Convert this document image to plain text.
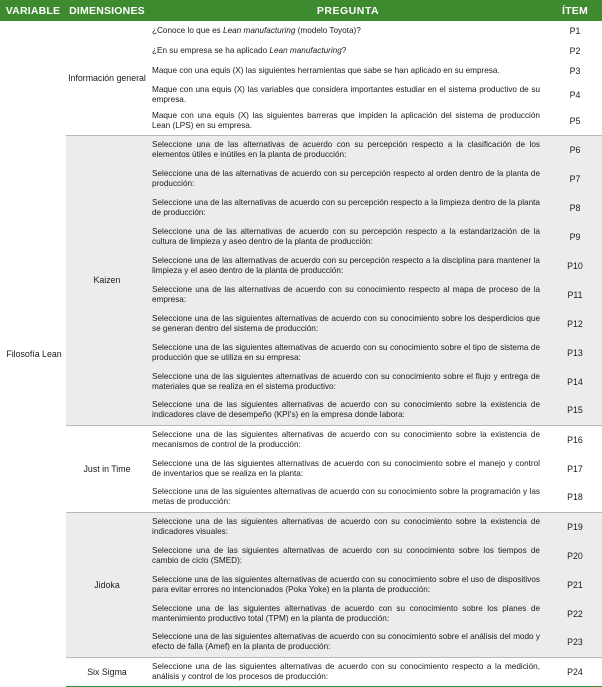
VARIABLE	DIMENSIONES	PREGUNTA	ÍTEM
Filosofía Lean	Información general	¿Conoce lo que es Lean manufacturing (modelo Toyota)?	P1
		¿En su empresa se ha aplicado Lean manufacturing?	P2
		Maque con una equis (X) las siguientes herramientas que sabe se han aplicado en su empresa.	P3
		Maque con una equis (X) las variables que considera importantes estudiar en el sistema productivo de su empresa.	P4
		Maque con una equis (X) las siguientes barreras que impiden la aplicación del sistema de producción Lean (LPS) en su empresa.	P5
	Kaizen	Seleccione una de las alternativas de acuerdo con su percepción respecto a la clasificación de los elementos útiles e inútiles en la planta de producción:	P6
		Seleccione una de las alternativas de acuerdo con su percepción respecto al orden dentro de la planta de producción:	P7
		Seleccione una de las alternativas de acuerdo con su percepción respecto a la limpieza dentro de la planta de producción:	P8
		Seleccione una de las alternativas de acuerdo con su percepción respecto a la estandarización de la cultura de limpieza y aseo dentro de la planta de producción:	P9
		Seleccione una de las alternativas de acuerdo con su percepción respecto a la disciplina para mantener la limpieza y el aseo dentro de la planta de producción:	P10
		Seleccione una de las alternativas de acuerdo con su conocimiento respecto al mapa de proceso de la empresa:	P11
		Seleccione una de las siguientes alternativas de acuerdo con su conocimiento sobre los desperdicios que se generan dentro del sistema de producción:	P12
		Seleccione una de las siguientes alternativas de acuerdo con su conocimiento sobre el tipo de sistema de producción que se utiliza en su empresa:	P13
		Seleccione una de las siguientes alternativas de acuerdo con su conocimiento sobre el flujo y entrega de materiales que se realiza en el sistema productivo:	P14
		Seleccione una de las siguientes alternativas de acuerdo con su conocimiento sobre la existencia de indicadores clave de desempeño (KPI's) en la empresa donde labora:	P15
	Just in Time	Seleccione una de las siguientes alternativas de acuerdo con su conocimiento sobre la existencia de mecanismos de control de la producción:	P16
		Seleccione una de las siguientes alternativas de acuerdo con su conocimiento sobre el manejo y control de inventarios que se realiza en la planta:	P17
		Seleccione una de las siguientes alternativas de acuerdo con su conocimiento sobre la programación y las metas de producción:	P18
	Jidoka	Seleccione una de las siguientes alternativas de acuerdo con su conocimiento sobre la existencia de indicadores visuales:	P19
		Seleccione una de las siguientes alternativas de acuerdo con su conocimiento sobre los tiempos de cambio de ciclo (SMED):	P20
		Seleccione una de las siguientes alternativas de acuerdo con su conocimiento sobre el uso de dispositivos para evitar errores no intencionados (Poka Yoke) en la planta de producción:	P21
		Seleccione una de las siguientes alternativas de acuerdo con su conocimiento sobre los planes de mantenimiento productivo total (TPM) en la planta de producción:	P22
		Seleccione una de las siguientes alternativas de acuerdo con su conocimiento sobre el análisis del modo y efecto de falla (Amef) en la planta de producción:	P23
	Six Sigma	Seleccione una de las siguientes alternativas de acuerdo con su conocimiento respecto a la medición, análisis y control de los procesos de producción:	P24
